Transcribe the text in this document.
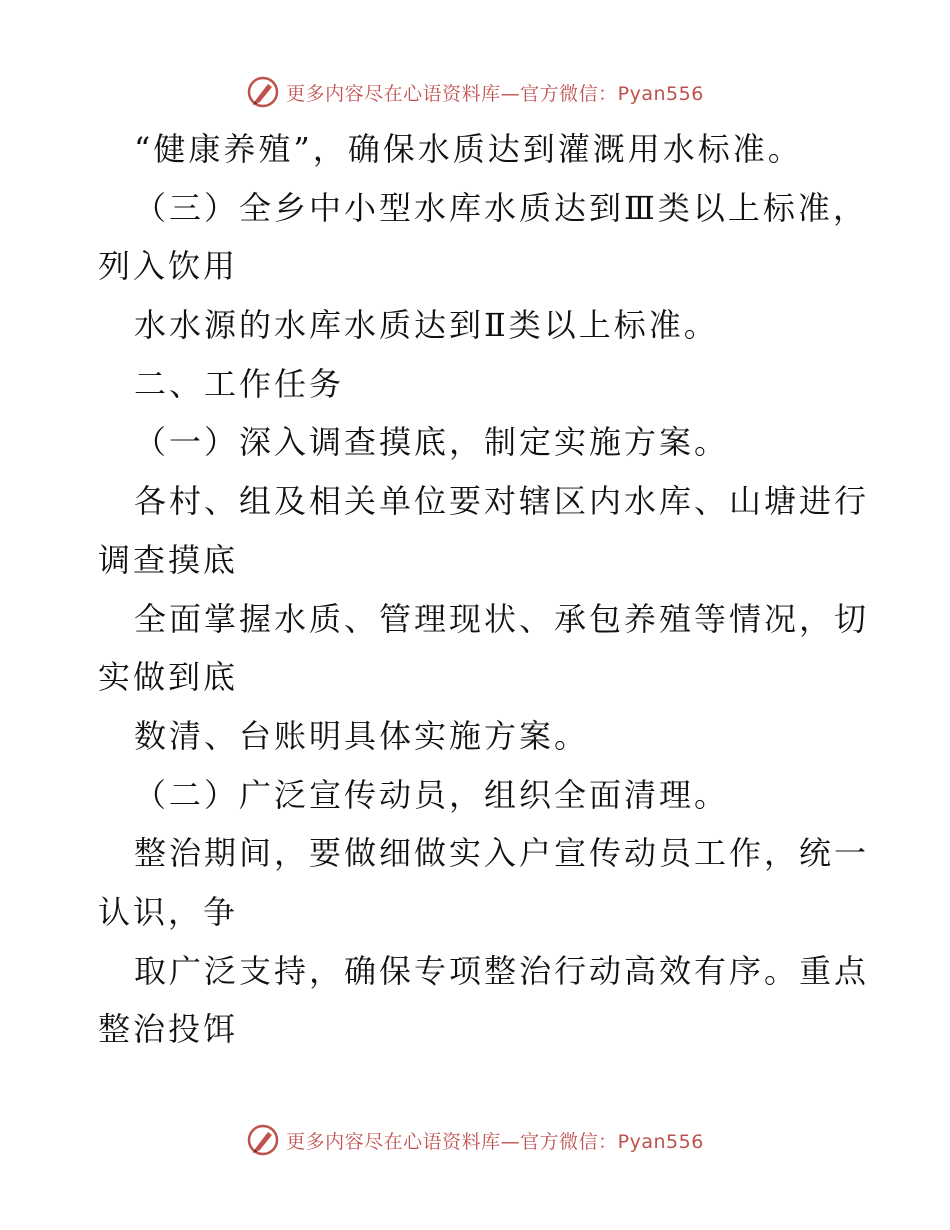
更多内容尽在心语资料库—官方微信：Pyan556
“健康养殖”，确保水质达到灌溉用水标准。
（三）全乡中小型水库水质达到Ⅲ类以上标准，
列入饮用
水水源的水库水质达到Ⅱ类以上标准。
二、工作任务
（一）深入调查摸底，制定实施方案。
各村、组及相关单位要对辖区内水库、山塘进行
调查摸底
全面掌握水质、管理现状、承包养殖等情况，切
实做到底
数清、台账明具体实施方案。
（二）广泛宣传动员，组织全面清理。
整治期间，要做细做实入户宣传动员工作，统一
认识，争
取广泛支持，确保专项整治行动高效有序。重点
整治投饵
更多内容尽在心语资料库—官方微信：Pyan556
